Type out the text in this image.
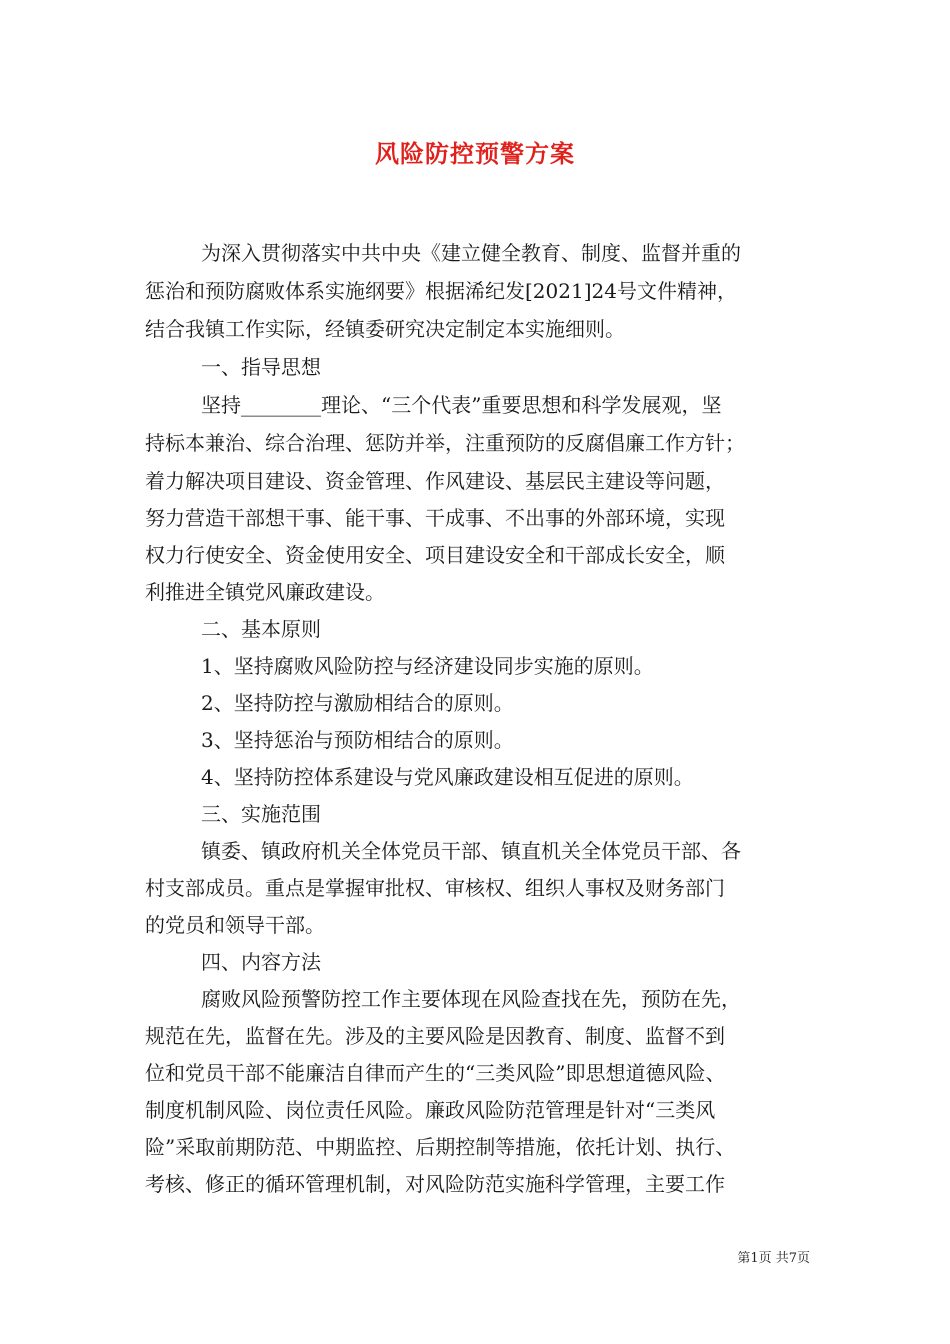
风险防控预警方案
为深入贯彻落实中共中央《建立健全教育、制度、监督并重的
惩治和预防腐败体系实施纲要》根据浠纪发[2021]24号文件精神，
结合我镇工作实际，经镇委研究决定制定本实施细则。
一、指导思想
坚持________理论、“三个代表”重要思想和科学发展观，坚
持标本兼治、综合治理、惩防并举，注重预防的反腐倡廉工作方针；
着力解决项目建设、资金管理、作风建设、基层民主建设等问题，
努力营造干部想干事、能干事、干成事、不出事的外部环境，实现
权力行使安全、资金使用安全、项目建设安全和干部成长安全，顺
利推进全镇党风廉政建设。
二、基本原则
1、坚持腐败风险防控与经济建设同步实施的原则。
2、坚持防控与激励相结合的原则。
3、坚持惩治与预防相结合的原则。
4、坚持防控体系建设与党风廉政建设相互促进的原则。
三、实施范围
镇委、镇政府机关全体党员干部、镇直机关全体党员干部、各
村支部成员。重点是掌握审批权、审核权、组织人事权及财务部门
的党员和领导干部。
四、内容方法
腐败风险预警防控工作主要体现在风险查找在先，预防在先，
规范在先，监督在先。涉及的主要风险是因教育、制度、监督不到
位和党员干部不能廉洁自律而产生的“三类风险”即思想道德风险、
制度机制风险、岗位责任风险。廉政风险防范管理是针对“三类风
险”采取前期防范、中期监控、后期控制等措施，依托计划、执行、
考核、修正的循环管理机制，对风险防范实施科学管理，主要工作
第1页 共7页
